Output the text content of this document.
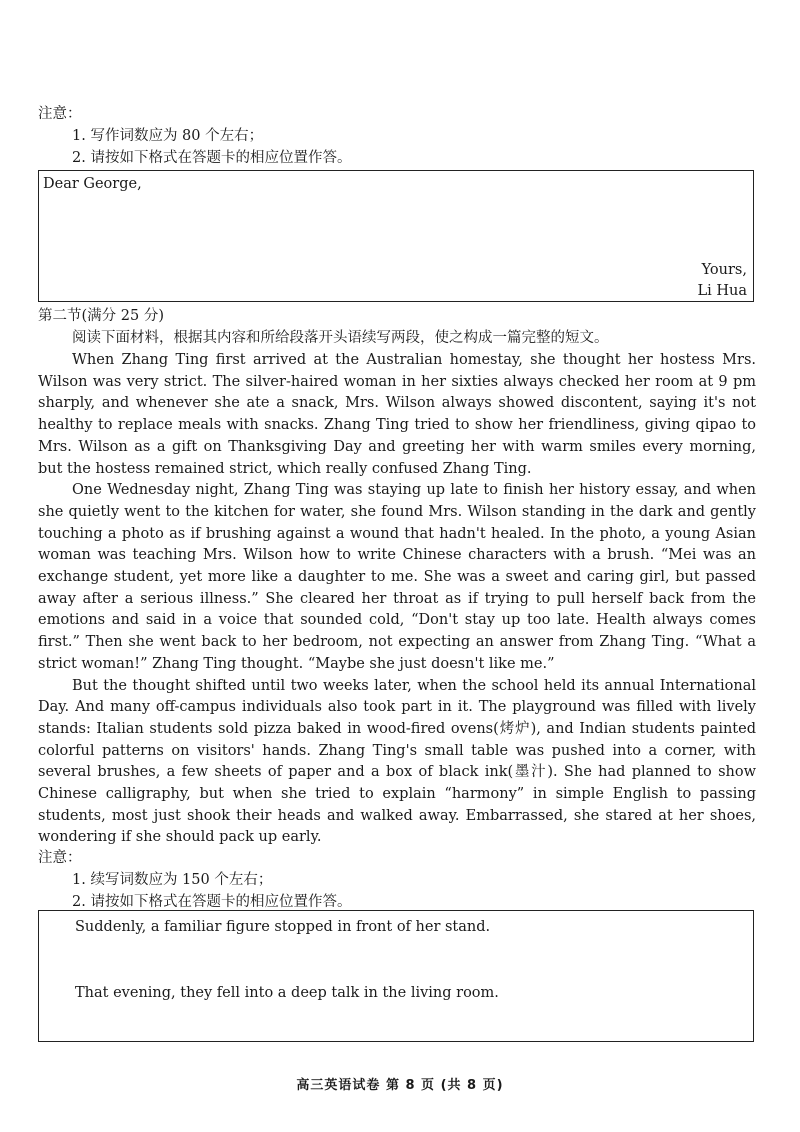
注意：
1. 写作词数应为 80 个左右；
2. 请按如下格式在答题卡的相应位置作答。
Dear George,
Yours,
Li Hua
第二节(满分 25 分)
阅读下面材料，根据其内容和所给段落开头语续写两段，使之构成一篇完整的短文。

When Zhang Ting first arrived at the Australian homestay, she thought her hostess Mrs. Wilson was very strict. The silver-haired woman in her sixties always checked her room at 9 pm sharply, and whenever she ate a snack, Mrs. Wilson always showed discontent, saying it's not healthy to replace meals with snacks. Zhang Ting tried to show her friendliness, giving qipao to Mrs. Wilson as a gift on Thanksgiving Day and greeting her with warm smiles every morning, but the hostess remained strict, which really confused Zhang Ting.

One Wednesday night, Zhang Ting was staying up late to finish her history essay, and when she quietly went to the kitchen for water, she found Mrs. Wilson standing in the dark and gently touching a photo as if brushing against a wound that hadn't healed. In the photo, a young Asian woman was teaching Mrs. Wilson how to write Chinese characters with a brush. “Mei was an exchange student, yet more like a daughter to me. She was a sweet and caring girl, but passed away after a serious illness.” She cleared her throat as if trying to pull herself back from the emotions and said in a voice that sounded cold, “Don't stay up too late. Health always comes first.” Then she went back to her bedroom, not expecting an answer from Zhang Ting. “What a strict woman!” Zhang Ting thought. “Maybe she just doesn't like me.”

But the thought shifted until two weeks later, when the school held its annual International Day. And many off-campus individuals also took part in it. The playground was filled with lively stands: Italian students sold pizza baked in wood-fired ovens(烤炉), and Indian students painted colorful patterns on visitors' hands. Zhang Ting's small table was pushed into a corner, with several brushes, a few sheets of paper and a box of black ink(墨汁). She had planned to show Chinese calligraphy, but when she tried to explain “harmony” in simple English to passing students, most just shook their heads and walked away. Embarrassed, she stared at her shoes, wondering if she should pack up early.

注意：
1. 续写词数应为 150 个左右；
2. 请按如下格式在答题卡的相应位置作答。
Suddenly, a familiar figure stopped in front of her stand.
That evening, they fell into a deep talk in the living room.
高三英语试卷 第 8 页 (共 8 页)
